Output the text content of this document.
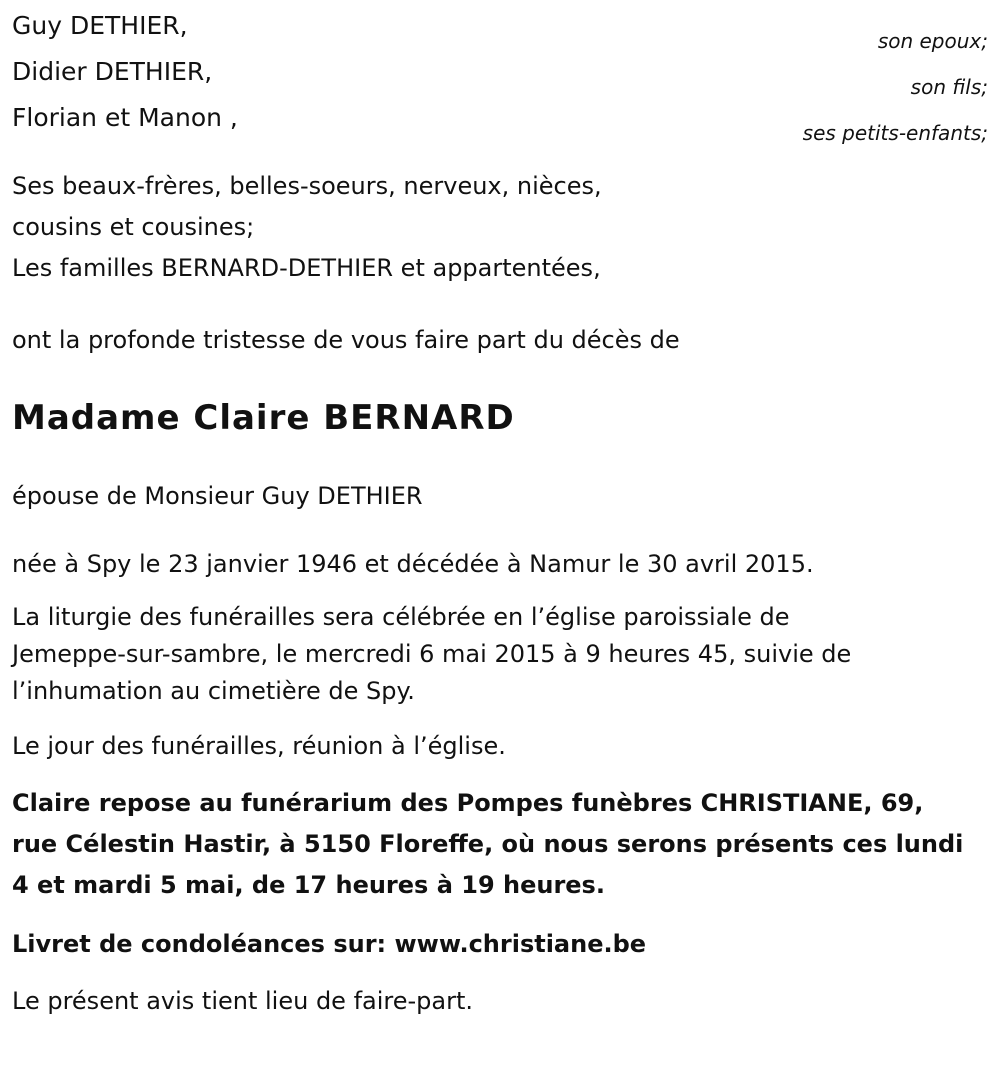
Guy DETHIER,
son epoux;
Didier DETHIER,
son fils;
Florian et Manon ,
ses petits-enfants;
Ses beaux-frères, belles-soeurs, nerveux, nièces,
cousins et cousines;
Les familles BERNARD-DETHIER et appartentées,
ont la profonde tristesse de vous faire part du décès de
Madame Claire BERNARD
épouse de Monsieur Guy DETHIER
née à Spy le 23 janvier 1946 et décédée à Namur le 30 avril 2015.
La liturgie des funérailles sera célébrée en l’église paroissiale de
Jemeppe-sur-sambre, le mercredi 6 mai 2015 à 9 heures 45, suivie de
l’inhumation au cimetière de Spy.
Le jour des funérailles, réunion à l’église.
Claire repose au funérarium des Pompes funèbres CHRISTIANE, 69,
rue Célestin Hastir, à 5150 Floreffe, où nous serons présents ces lundi
4 et mardi 5 mai, de 17 heures à 19 heures.
Livret de condoléances sur: www.christiane.be
Le présent avis tient lieu de faire-part.
